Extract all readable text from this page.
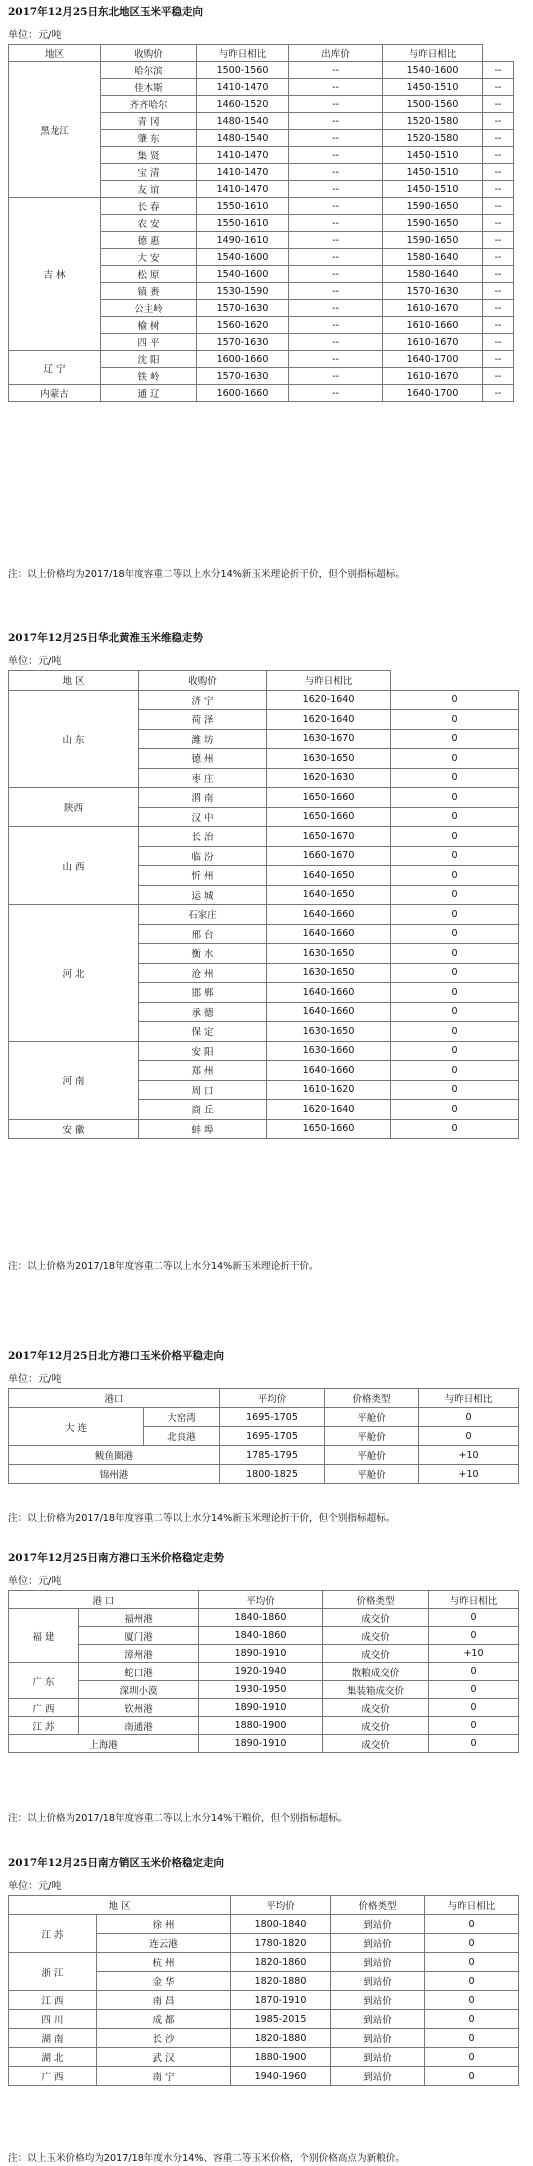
2017年12月25日东北地区玉米平稳走向
单位：元/吨
地区	收购价	与昨日相比	出库价	与昨日相比	
黑龙江	哈尔滨	1500-1560	--	1540-1600	--
	佳木斯	1410-1470	--	1450-1510	--
	齐齐哈尔	1460-1520	--	1500-1560	--
	青 冈	1480-1540	--	1520-1580	--
	肇 东	1480-1540	--	1520-1580	--
	集 贤	1410-1470	--	1450-1510	--
	宝 清	1410-1470	--	1450-1510	--
	友 谊	1410-1470	--	1450-1510	--
吉 林	长 春	1550-1610	--	1590-1650	--
	农 安	1550-1610	--	1590-1650	--
	德 惠	1490-1610	--	1590-1650	--
	大 安	1540-1600	--	1580-1640	--
	松 原	1540-1600	--	1580-1640	--
	镇 赉	1530-1590	--	1570-1630	--
	公主岭	1570-1630	--	1610-1670	--
	榆 树	1560-1620	--	1610-1660	--
	四 平	1570-1630	--	1610-1670	--
辽 宁	沈 阳	1600-1660	--	1640-1700	--
	铁 岭	1570-1630	--	1610-1670	--
内蒙古	通 辽	1600-1660	--	1640-1700	--
注：以上价格均为2017/18年度容重二等以上水分14%新玉米理论折干价，但个别指标超标。
2017年12月25日华北黄淮玉米维稳走势
单位：元/吨
地 区	收购价	与昨日相比	
山 东	济 宁	1620-1640	0
	荷 泽	1620-1640	0
	潍 坊	1630-1670	0
	德 州	1630-1650	0
	枣 庄	1620-1630	0
陕西	渭 南	1650-1660	0
	汉 中	1650-1660	0
山 西	长 治	1650-1670	0
	临 汾	1660-1670	0
	忻 州	1640-1650	0
	运 城	1640-1650	0
河 北	石家庄	1640-1660	0
	邢 台	1640-1660	0
	衡 水	1630-1650	0
	沧 州	1630-1650	0
	邯 郸	1640-1660	0
	承 德	1640-1660	0
	保 定	1630-1650	0
河 南	安 阳	1630-1660	0
	郑 州	1640-1660	0
	周 口	1610-1620	0
	商 丘	1620-1640	0
安 徽	蚌 埠	1650-1660	0
注：以上价格为2017/18年度容重二等以上水分14%新玉米理论折干价。
2017年12月25日北方港口玉米价格平稳走向
单位：元/吨
港口		平均价	价格类型	与昨日相比
大 连	大窑湾	1695-1705	平舱价	0
	北良港	1695-1705	平舱价	0
鲅鱼圈港		1785-1795	平舱价	+10
锦州港		1800-1825	平舱价	+10
注：以上价格为2017/18年度容重二等以上水分14%新玉米理论折干价，但个别指标超标。
2017年12月25日南方港口玉米价格稳定走势
单位：元/吨
港 口		平均价	价格类型	与昨日相比
福 建	福州港	1840-1860	成交价	0
	厦门港	1840-1860	成交价	0
	漳州港	1890-1910	成交价	+10
广 东	蛇口港	1920-1940	散粮成交价	0
	深圳小漠	1930-1950	集装箱成交价	0
广 西	钦州港	1890-1910	成交价	0
江 苏	南通港	1880-1900	成交价	0
上海港		1890-1910	成交价	0
注：以上价格为2017/18年度容重二等以上水分14%干粮价，但个别指标超标。
2017年12月25日南方销区玉米价格稳定走向
单位：元/吨
地 区		平均价	价格类型	与昨日相比
江 苏	徐 州	1800-1840	到站价	0
	连云港	1780-1820	到站价	0
浙 江	杭 州	1820-1860	到站价	0
	金 华	1820-1880	到站价	0
江 西	南 昌	1870-1910	到站价	0
四 川	成 都	1985-2015	到站价	0
湖 南	长 沙	1820-1880	到站价	0
湖 北	武 汉	1880-1900	到站价	0
广 西	南 宁	1940-1960	到站价	0
注：以上玉米价格均为2017/18年度水分14%、容重二等玉米价格，个别价格高点为新粮价。
